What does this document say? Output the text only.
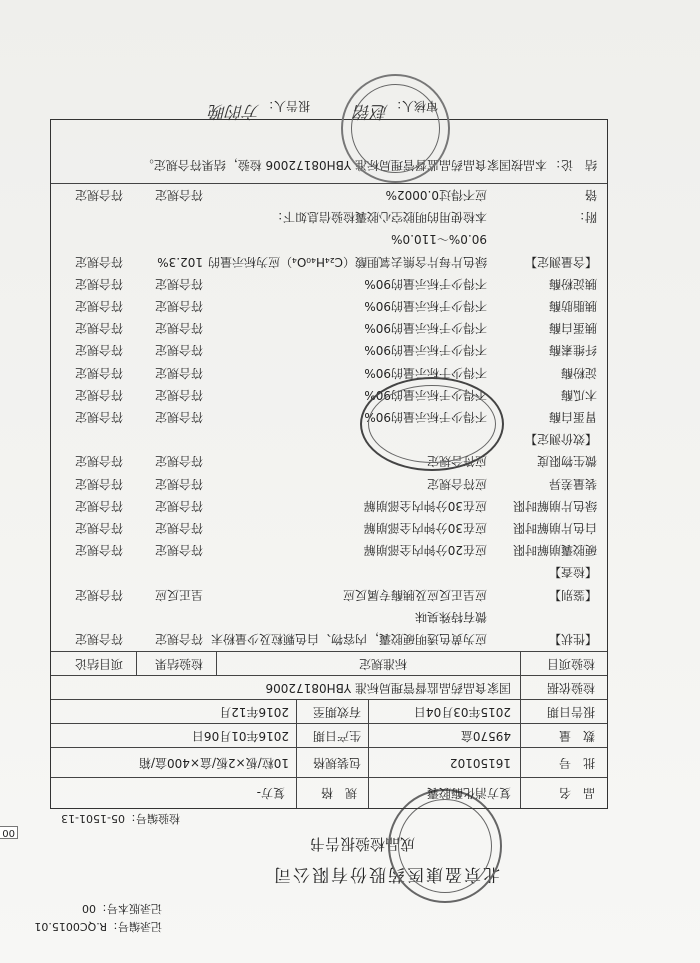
记录编号：R.QC0015.01
记录版本号：00
北京盈康医药股份有限公司
成品检验报告书
检验编号：05-1501-13
品　名
复方消化酶胶囊
规　格
复方-
批　号
16150102
包装规格
10粒/板×2板/盒×400盒/箱
数　量
49570盒
生产日期
2016年01月06日
报告日期
2015年03月04日
有效期至
2016年12月
检验依据
国家食品药品监督管理局标准 YBH08172006
检验项目
标准规定
检验结果
项目结论
【性状】
应为黄色透明硬胶囊，内容物、白色颗粒及少量粉末
符合规定
符合规定
微有特殊臭味
【鉴别】
应呈正反应及胰酶专属反应
呈正反应
符合规定
【检查】
硬胶囊崩解时限
应在20分钟内全部崩解
符合规定
符合规定
白色片崩解时限
应在30分钟内全部崩解
符合规定
符合规定
绿色片崩解时限
应在30分钟内全部崩解
符合规定
符合规定
装量差异
应符合规定
符合规定
符合规定
微生物限度
应符合规定
符合规定
符合规定
【效价测定】
胃蛋白酶
不得少于标示量的90%
符合规定
符合规定
木瓜酶
不得少于标示量的90%
符合规定
符合规定
淀粉酶
不得少于标示量的90%
符合规定
符合规定
纤维素酶
不得少于标示量的90%
符合规定
符合规定
胰蛋白酶
不得少于标示量的90%
符合规定
符合规定
胰脂肪酶
不得少于标示量的90%
符合规定
符合规定
胰淀粉酶
不得少于标示量的90%
符合规定
符合规定
【含量测定】
绿色片每片含熊去氧胆酸（C₂₄H₄₀O₄）应为标示量的
102.3%
符合规定
90.0%～110.0%
附：
本检使用的明胶空心胶囊检验信息如下：
铬
应不得过0.0002%
符合规定
符合规定
结　论：
本品按国家食品药品监督管理局标准 YBH08172006 检验，结果符合规定。
审核人：
赵铭
报告人：
方的晚
00
